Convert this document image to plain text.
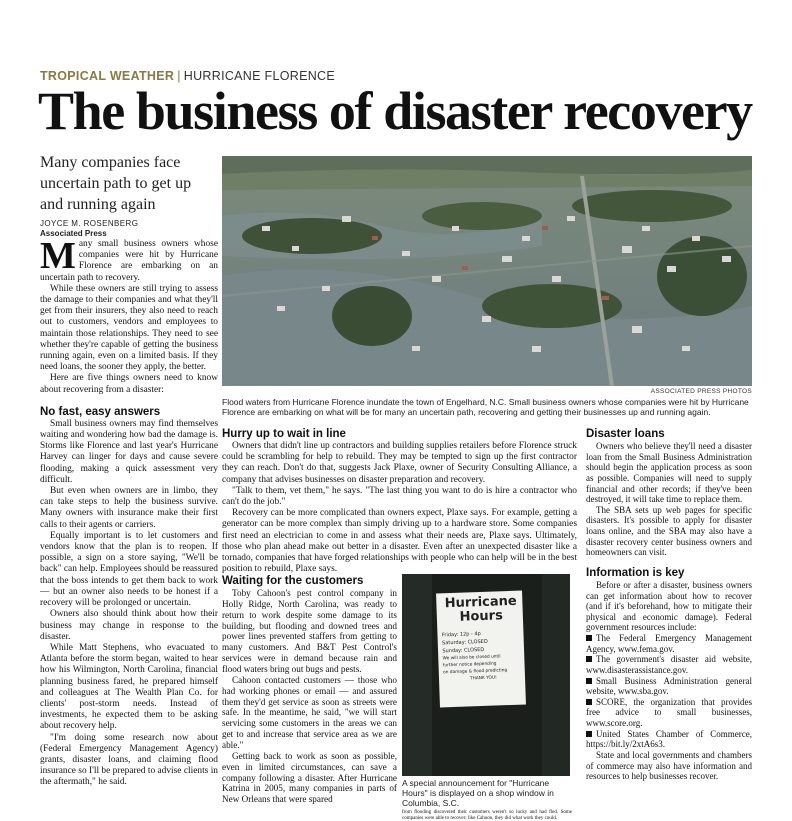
TROPICAL WEATHER | HURRICANE FLORENCE
The business of disaster recovery
Many companies face uncertain path to get up and running again
JOYCE M. ROSENBERG
Associated Press

Many small business owners whose companies were hit by Hurricane Florence are embarking on an uncertain path to recovery.

While these owners are still trying to assess the damage to their companies and what they'll get from their insurers, they also need to reach out to customers, vendors and employees to maintain those relationships. They need to see whether they're capable of getting the business running again, even on a limited basis. If they need loans, the sooner they apply, the better.

Here are five things owners need to know about recovering from a disaster:

No fast, easy answers

Small business owners may find themselves waiting and wondering how bad the damage is. Storms like Florence and last year's Hurricane Harvey can linger for days and cause severe flooding, making a quick assessment very difficult.

But even when owners are in limbo, they can take steps to help the business survive. Many owners with insurance make their first calls to their agents or carriers.

Equally important is to let customers and vendors know that the plan is to reopen. If possible, a sign on a store saying, "We'll be back" can help. Employees should be reassured that the boss intends to get them back to work — but an owner also needs to be honest if a recovery will be prolonged or uncertain.

Owners also should think about how their business may change in response to the disaster.

While Matt Stephens, who evacuated to Atlanta before the storm began, waited to hear how his Wilmington, North Carolina, financial planning business fared, he prepared himself and colleagues at The Wealth Plan Co. for clients' post-storm needs. Instead of investments, he expected them to be asking about recovery help.

"I'm doing some research now about (Federal Emergency Management Agency) grants, disaster loans, and claiming flood insurance so I'll be prepared to advise clients in the aftermath," he said.

ASSOCIATED PRESS PHOTOS
Flood waters from Hurricane Florence inundate the town of Engelhard, N.C. Small business owners whose companies were hit by Hurricane Florence are embarking on what will be for many an uncertain path, recovering and getting their businesses up and running again.
Hurry up to wait in line

Owners that didn't line up contractors and building supplies retailers before Florence struck could be scrambling for help to rebuild. They may be tempted to sign up the first contractor they can reach. Don't do that, suggests Jack Plaxe, owner of Security Consulting Alliance, a company that advises businesses on disaster preparation and recovery.

"Talk to them, vet them," he says. "The last thing you want to do is hire a contractor who can't do the job."

Recovery can be more complicated than owners expect, Plaxe says. For example, getting a generator can be more complex than simply driving up to a hardware store. Some companies first need an electrician to come in and assess what their needs are, Plaxe says. Ultimately, those who plan ahead make out better in a disaster. Even after an unexpected disaster like a tornado, companies that have forged relationships with people who can help will be in the best position to rebuild, Plaxe says.

Waiting for the customers

Toby Cahoon's pest control company in Holly Ridge, North Carolina, was ready to return to work despite some damage to its building, but flooding and downed trees and power lines prevented staffers from getting to many customers. And B&T Pest Control's services were in demand because rain and flood waters bring out bugs and pests.

Cahoon contacted customers — those who had working phones or email — and assured them they'd get service as soon as streets were safe. In the meantime, he said, "we will start servicing some customers in the areas we can get to and increase that service area as we are able."

Getting back to work as soon as possible, even in limited circumstances, can save a company following a disaster. After Hurricane Katrina in 2005, many companies in parts of New Orleans that were spared

Hurricane
Hours
Friday: 12p - 4p
Saturday: CLOSED
Sunday: CLOSED
We will also be closed until
further notice depending
on damage & flood predicting
THANK YOU!
A special announcement for "Hurricane Hours" is displayed on a shop window in Columbia, S.C.
from flooding discovered their customers weren't so lucky and had fled. Some companies were able to recover; like Cahoon, they did what work they could.
Disaster loans

Owners who believe they'll need a disaster loan from the Small Business Administration should begin the application process as soon as possible. Companies will need to supply financial and other records; if they've been destroyed, it will take time to replace them.

The SBA sets up web pages for specific disasters. It's possible to apply for disaster loans online, and the SBA may also have a disaster recovery center business owners and homeowners can visit.

Information is key

Before or after a disaster, business owners can get information about how to recover (and if it's beforehand, how to mitigate their physical and economic damage). Federal government resources include:

The Federal Emergency Management Agency, www.fema.gov.

The government's disaster aid website, www.disasterassistance.gov.

Small Business Administration general website, www.sba.gov.

SCORE, the organization that provides free advice to small businesses, www.score.org.

United States Chamber of Commerce, https://bit.ly/2xtA6s3.

State and local governments and chambers of commerce may also have information and resources to help businesses recover.
